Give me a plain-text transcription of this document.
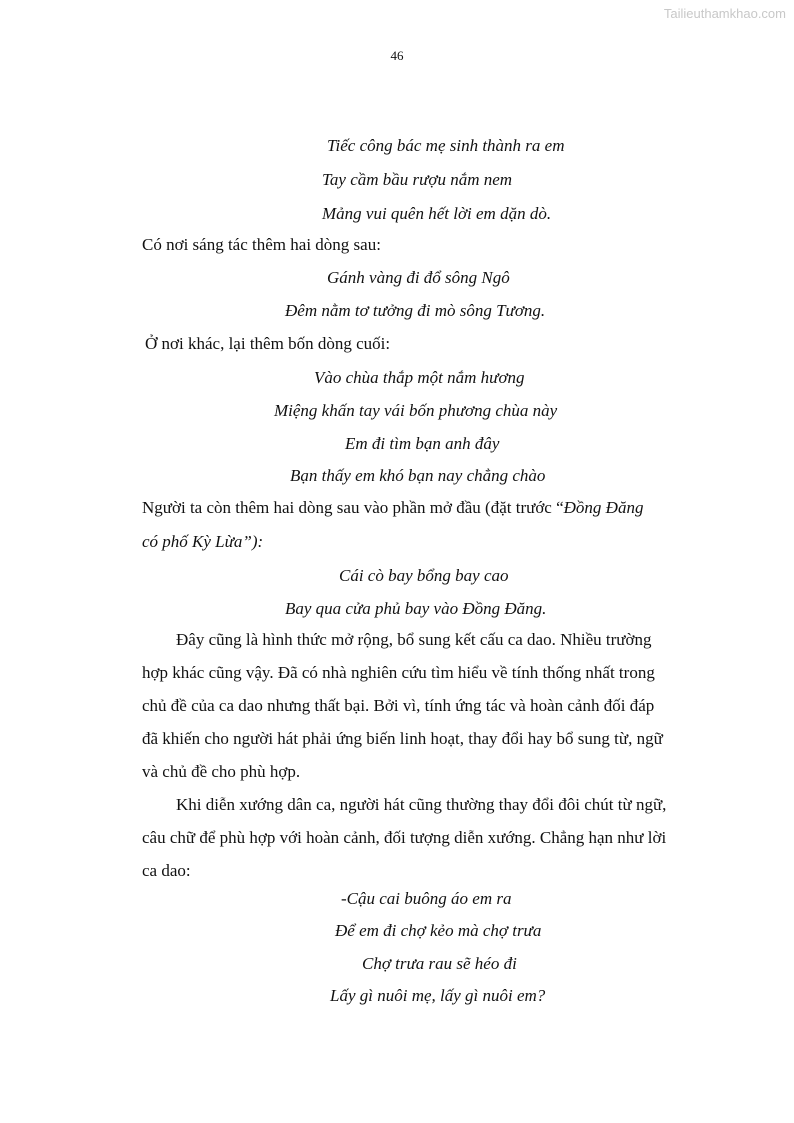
Tailieuthamkhao.com
46
Tiếc công bác mẹ sinh thành ra em
Tay cầm bầu rượu nắm nem
Mảng vui quên hết lời em dặn dò.
Có nơi sáng tác thêm hai dòng sau:
Gánh vàng đi đổ sông Ngô
Đêm nằm tơ tưởng đi mò sông Tương.
Ở nơi khác, lại thêm bốn dòng cuối:
Vào chùa thắp một nắm hương
Miệng khấn tay vái bốn phương chùa này
Em đi tìm bạn anh đây
Bạn thấy em khó bạn nay chẳng chào
Người ta còn thêm hai dòng sau vào phần mở đầu (đặt trước “Đồng Đăng
có phố Kỳ Lừa”):
Cái cò bay bổng bay cao
Bay qua cửa phủ bay vào Đồng Đăng.
Đây cũng là hình thức mở rộng, bổ sung kết cấu ca dao. Nhiều trường
hợp khác cũng vậy. Đã có nhà nghiên cứu tìm hiểu về tính thống nhất trong
chủ đề của ca dao nhưng thất bại. Bởi vì, tính ứng tác và hoàn cảnh đối đáp
đã khiến cho người hát phải ứng biến linh hoạt, thay đổi hay bổ sung từ, ngữ
và chủ đề cho phù hợp.
Khi diễn xướng dân ca, người hát cũng thường thay đổi đôi chút từ ngữ,
câu chữ để phù hợp với hoàn cảnh, đối tượng diễn xướng. Chẳng hạn như lời
ca dao:
-Cậu cai buông áo em ra
Để em đi chợ kẻo mà chợ trưa
Chợ trưa rau sẽ héo đi
Lấy gì nuôi mẹ, lấy gì nuôi em?
